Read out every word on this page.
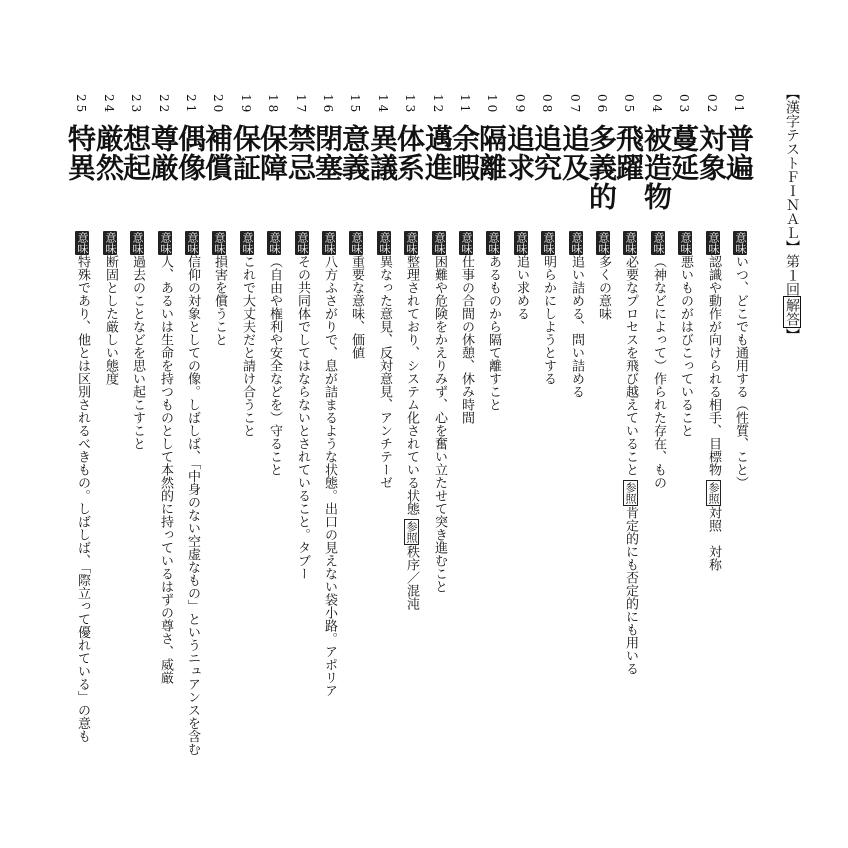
【漢字テストＦＩＮＡＬ】第１回解答】
01
普遍
意味いつ、どこでも通用する（性質、こと）
02
対象
意味認識や動作が向けられる相手、目標物参照対照　対称
03
蔓延
意味悪いものがはびこっていること
04
被造物
意味（神などによって）作られた存在、もの
05
飛躍
意味必要なプロセスを飛び越えていること参照肯定的にも否定的にも用いる
06
多義的
意味多くの意味
07
追及
意味追い詰める、問い詰める
08
追究
意味明らかにしようとする
09
追求
意味追い求める
10
隔離
意味あるものから隔て離すこと
11
余暇
意味仕事の合間の休憩、休み時間
12
邁進
意味困難や危険をかえりみず、心を奮い立たせて突き進むこと
13
体系
意味整理されており、システム化されている状態参照秩序／混沌
14
異議
意味異なった意見、反対意見、アンチテーゼ
15
意義
意味重要な意味、価値
16
閉塞
意味八方ふさがりで、息が詰まるような状態。出口の見えない袋小路。アポリア
17
禁忌
意味その共同体でしてはならないとされていること。タブー
18
保障
意味（自由や権利や安全などを）守ること
19
保証
意味これで大丈夫だと請け合うこと
20
補償
意味損害を償うこと
21
偶像
意味信仰の対象としての像。しばしば、「中身のない空虚なもの」というニュアンスを含む
22
尊厳
意味人、あるいは生命を持つものとして本然的に持っているはずの尊さ、威厳
23
想起
意味過去のことなどを思い起こすこと
24
厳然
意味断固とした厳しい態度
25
特異
意味特殊であり、他とは区別されるべきもの。しばしば、「際立って優れている」の意も
